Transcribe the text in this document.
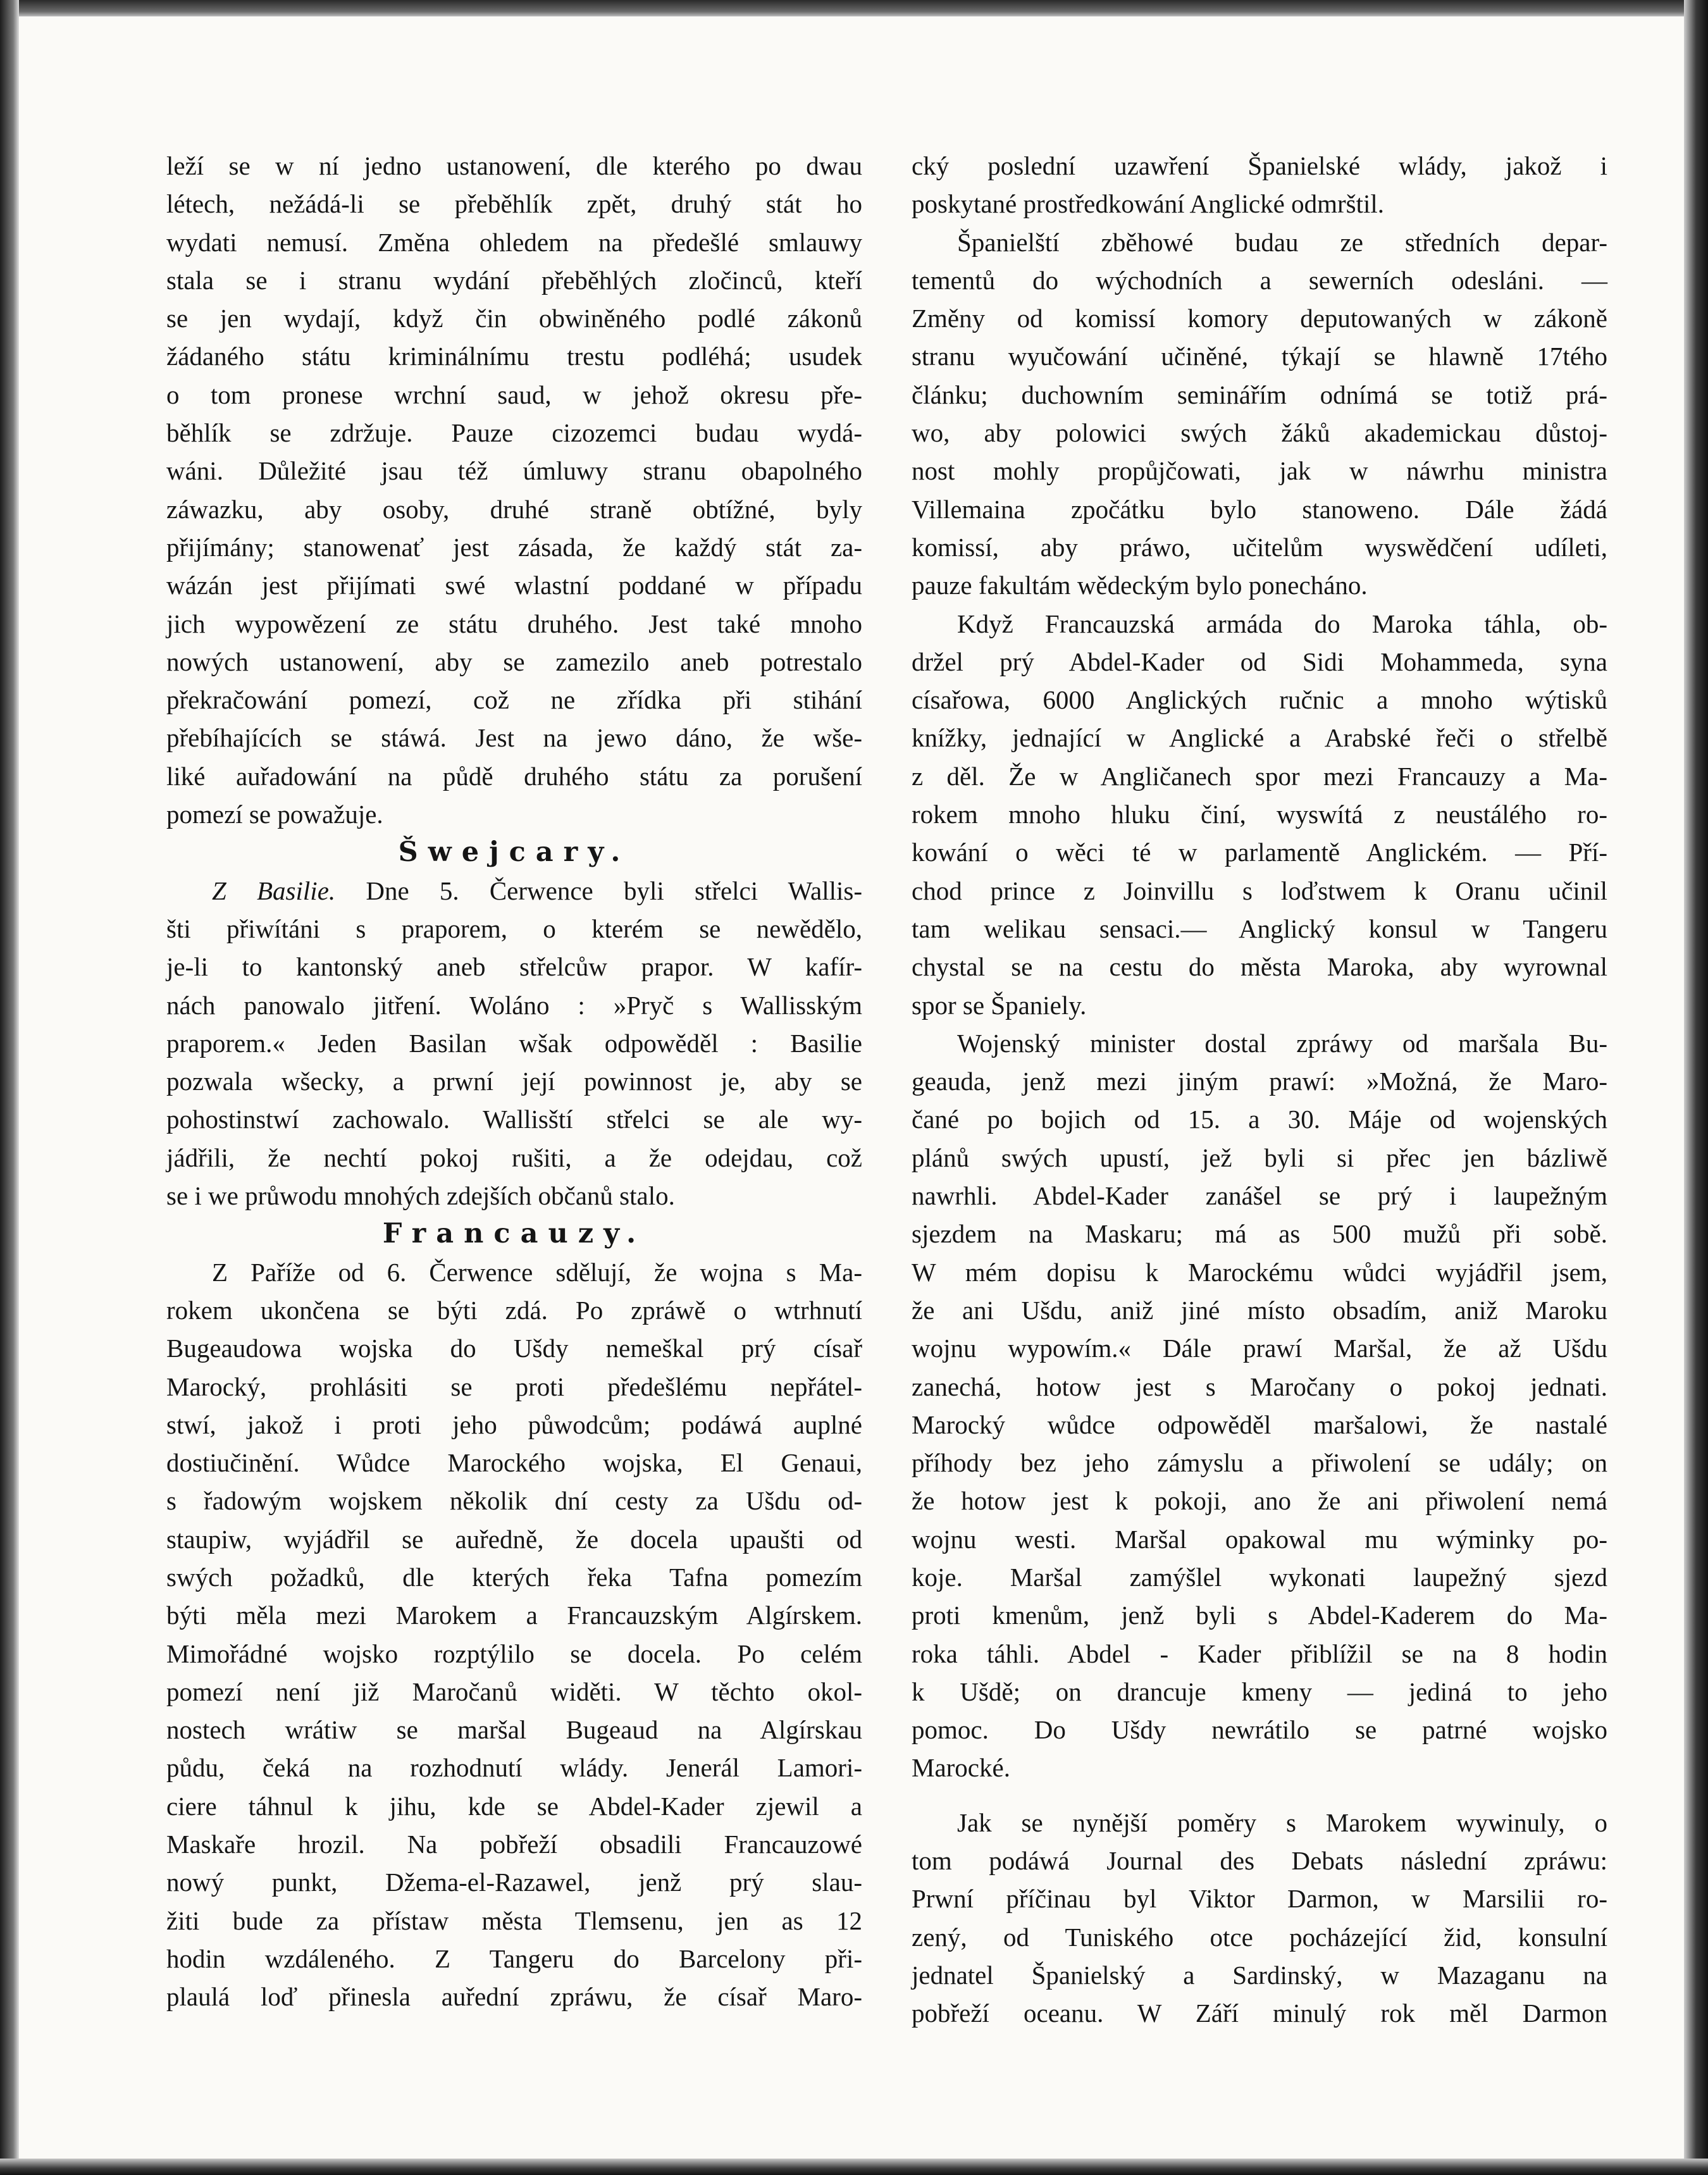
leží se w ní jedno ustanowení, dle kterého po dwau
létech, nežádá-li se přeběhlík zpět, druhý stát ho
wydati nemusí. Změna ohledem na předešlé smlauwy
stala se i stranu wydání přeběhlých zločinců, kteří
se jen wydají, když čin obwiněného podlé zákonů
žádaného státu kriminálnímu trestu podléhá; usudek
o tom pronese wrchní saud, w jehož okresu pře-
běhlík se zdržuje. Pauze cizozemci budau wydá-
wáni. Důležité jsau též úmluwy stranu obapolného
záwazku, aby osoby, druhé straně obtížné, byly
přijímány; stanowenať jest zásada, že každý stát za-
wázán jest přijímati swé wlastní poddané w případu
jich wypowězení ze státu druhého. Jest také mnoho
nowých ustanowení, aby se zamezilo aneb potrestalo
překračowání pomezí, což ne zřídka při stihání
přebíhajících se stáwá. Jest na jewo dáno, že wše-
liké auřadowání na půdě druhého státu za porušení
pomezí se powažuje.
Šwejcary.
Z Basilie. Dne 5. Čerwence byli střelci Wallis-
šti přiwítáni s praporem, o kterém se newědělo,
je-li to kantonský aneb střelcůw prapor. W kafír-
nách panowalo jitření. Woláno : »Pryč s Wallisským
praporem.« Jeden Basilan wšak odpowěděl : Basilie
pozwala wšecky, a prwní její powinnost je, aby se
pohostinstwí zachowalo. Wallisští střelci se ale wy-
jádřili, že nechtí pokoj rušiti, a že odejdau, což
se i we průwodu mnohých zdejších občanů stalo.
Francauzy.
Z Paříže od 6. Čerwence sdělují, že wojna s Ma-
rokem ukončena se býti zdá. Po zpráwě o wtrhnutí
Bugeaudowa wojska do Ušdy nemeškal prý císař
Marocký, prohlásiti se proti předešlému nepřátel-
stwí, jakož i proti jeho půwodcům; podáwá auplné
dostiučinění. Wůdce Marockého wojska, El Genaui,
s řadowým wojskem několik dní cesty za Ušdu od-
staupiw, wyjádřil se auředně, že docela upaušti od
swých požadků, dle kterých řeka Tafna pomezím
býti měla mezi Marokem a Francauzským Algírskem.
Mimořádné wojsko rozptýlilo se docela. Po celém
pomezí není již Maročanů widěti. W těchto okol-
nostech wrátiw se maršal Bugeaud na Algírskau
půdu, čeká na rozhodnutí wlády. Jenerál Lamori-
ciere táhnul k jihu, kde se Abdel-Kader zjewil a
Maskaře hrozil. Na pobřeží obsadili Francauzowé
nowý punkt, Džema-el-Razawel, jenž prý slau-
žiti bude za přístaw města Tlemsenu, jen as 12
hodin wzdáleného. Z Tangeru do Barcelony při-
plaulá loď přinesla auřední zpráwu, že císař Maro-
cký poslední uzawření Španielské wlády, jakož i
poskytané prostředkowání Anglické odmrštil.
Španielští zběhowé budau ze středních depar-
tementů do wýchodních a sewerních odesláni. —
Změny od komissí komory deputowaných w zákoně
stranu wyučowání učiněné, týkají se hlawně 17tého
článku; duchowním seminářím odnímá se totiž prá-
wo, aby polowici swých žáků akademickau důstoj-
nost mohly propůjčowati, jak w náwrhu ministra
Villemaina zpočátku bylo stanoweno. Dále žádá
komissí, aby práwo, učitelům wyswědčení udíleti,
pauze fakultám wědeckým bylo ponecháno.
Když Francauzská armáda do Maroka táhla, ob-
držel prý Abdel-Kader od Sidi Mohammeda, syna
císařowa, 6000 Anglických ručnic a mnoho wýtisků
knížky, jednající w Anglické a Arabské řeči o střelbě
z děl. Že w Angličanech spor mezi Francauzy a Ma-
rokem mnoho hluku činí, wyswítá z neustálého ro-
kowání o wěci té w parlamentě Anglickém. — Pří-
chod prince z Joinvillu s loďstwem k Oranu učinil
tam welikau sensaci.— Anglický konsul w Tangeru
chystal se na cestu do města Maroka, aby wyrownal
spor se Španiely.
Wojenský minister dostal zpráwy od maršala Bu-
geauda, jenž mezi jiným prawí: »Možná, že Maro-
čané po bojich od 15. a 30. Máje od wojenských
plánů swých upustí, jež byli si přec jen bázliwě
nawrhli. Abdel-Kader zanášel se prý i laupežným
sjezdem na Maskaru; má as 500 mužů při sobě.
W mém dopisu k Marockému wůdci wyjádřil jsem,
že ani Ušdu, aniž jiné místo obsadím, aniž Maroku
wojnu wypowím.« Dále prawí Maršal, že až Ušdu
zanechá, hotow jest s Maročany o pokoj jednati.
Marocký wůdce odpowěděl maršalowi, že nastalé
příhody bez jeho zámyslu a přiwolení se udály; on
že hotow jest k pokoji, ano že ani přiwolení nemá
wojnu westi. Maršal opakowal mu wýminky po-
koje. Maršal zamýšlel wykonati laupežný sjezd
proti kmenům, jenž byli s Abdel-Kaderem do Ma-
roka táhli. Abdel - Kader přiblížil se na 8 hodin
k Ušdě; on drancuje kmeny — jediná to jeho
pomoc. Do Ušdy newrátilo se patrné wojsko
Marocké.
Jak se nynější poměry s Marokem wywinuly, o
tom podáwá Journal des Debats následní zpráwu:
Prwní příčinau byl Viktor Darmon, w Marsilii ro-
zený, od Tuniského otce pocházející žid, konsulní
jednatel Španielský a Sardinský, w Mazaganu na
pobřeží oceanu. W Září minulý rok měl Darmon
